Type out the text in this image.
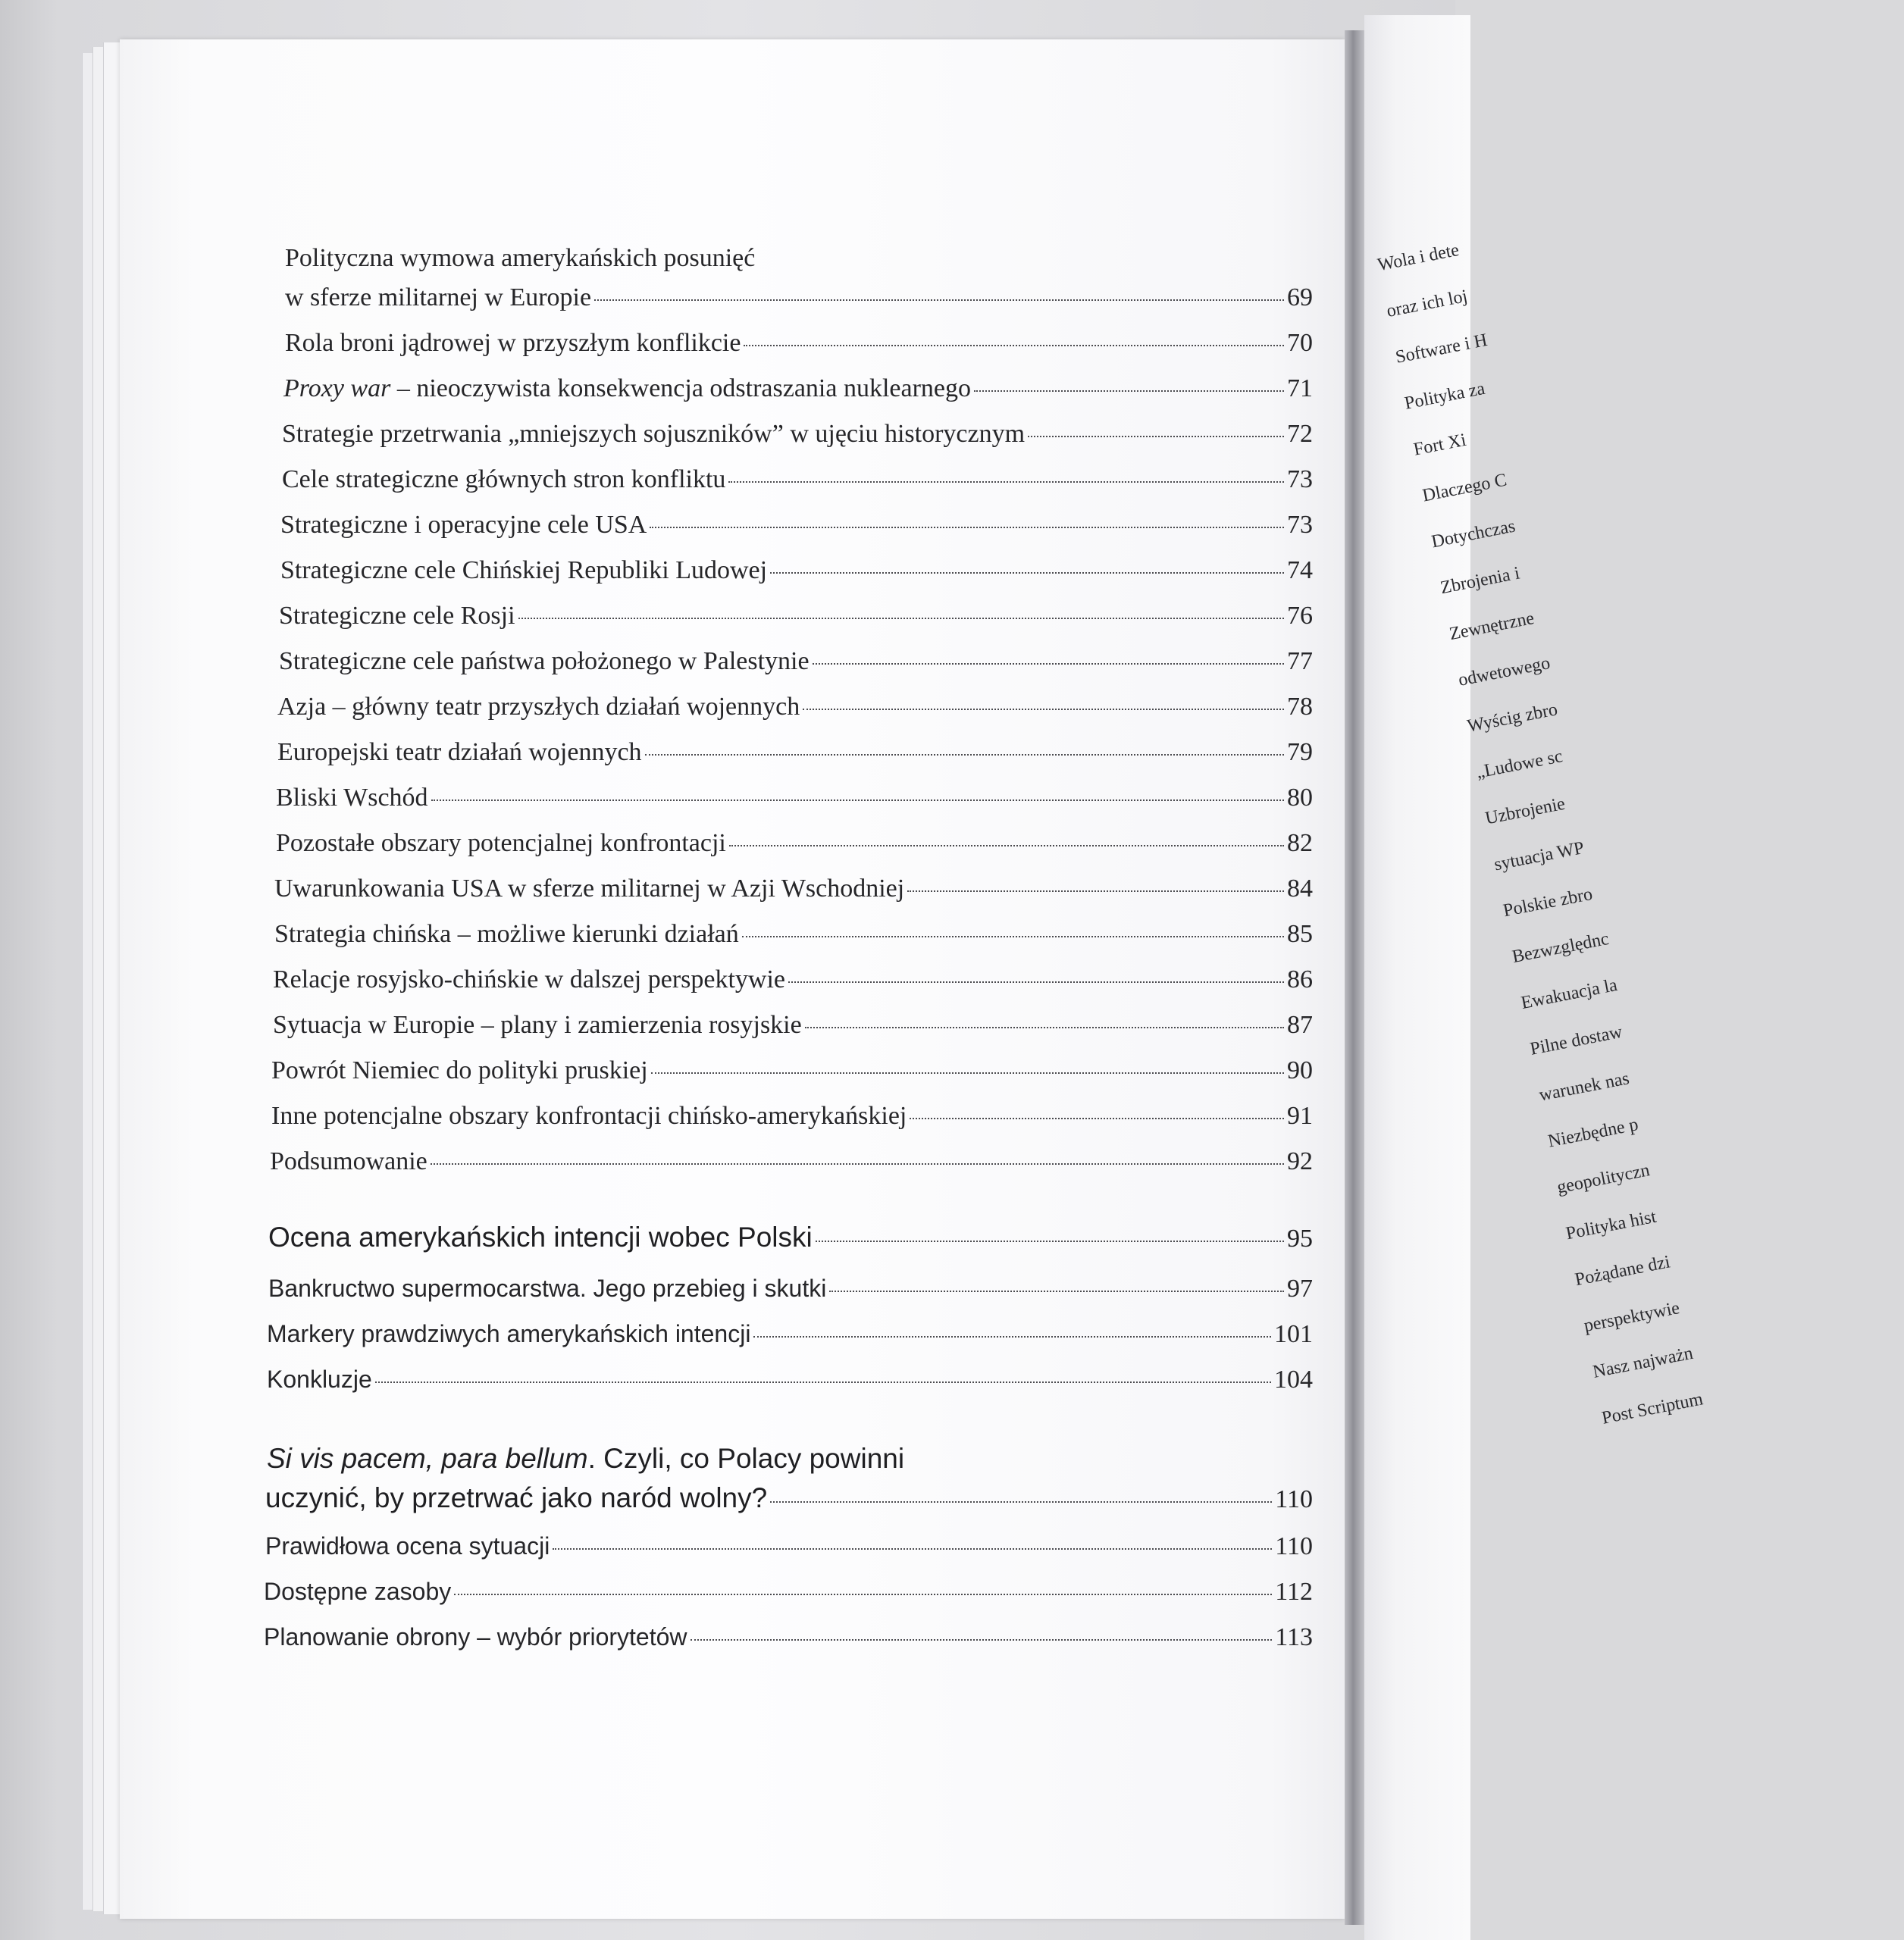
Polityczna wymowa amerykańskich posunięć
w sferze militarnej w Europie	69
Rola broni jądrowej w przyszłym konflikcie	70
Proxy war – nieoczywista konsekwencja odstraszania nuklearnego	71
Strategie przetrwania „mniejszych sojuszników” w ujęciu historycznym	72
Cele strategiczne głównych stron konfliktu	73
Strategiczne i operacyjne cele USA	73
Strategiczne cele Chińskiej Republiki Ludowej	74
Strategiczne cele Rosji	76
Strategiczne cele państwa położonego w Palestynie	77
Azja – główny teatr przyszłych działań wojennych	78
Europejski teatr działań wojennych	79
Bliski Wschód	80
Pozostałe obszary potencjalnej konfrontacji	82
Uwarunkowania USA w sferze militarnej w Azji Wschodniej	84
Strategia chińska – możliwe kierunki działań	85
Relacje rosyjsko-chińskie w dalszej perspektywie	86
Sytuacja w Europie – plany i zamierzenia rosyjskie	87
Powrót Niemiec do polityki pruskiej	90
Inne potencjalne obszary konfrontacji chińsko-amerykańskiej	91
Podsumowanie	92
Ocena amerykańskich intencji wobec Polski	95
Bankructwo supermocarstwa. Jego przebieg i skutki	97
Markery prawdziwych amerykańskich intencji	101
Konkluzje	104
Si vis pacem, para bellum. Czyli, co Polacy powinni
uczynić, by przetrwać jako naród wolny?	110
Prawidłowa ocena sytuacji	110
Dostępne zasoby	112
Planowanie obrony – wybór priorytetów	113
Wola i dete
oraz ich loj
Software i H
Polityka za
Fort Xi
Dlaczego C
Dotychczas
Zbrojenia i
Zewnętrzne
odwetowego
Wyścig zbro
„Ludowe sc
Uzbrojenie
sytuacja WP
Polskie zbro
Bezwzględnc
Ewakuacja la
Pilne dostaw
warunek nas
Niezbędne p
geopolityczn
Polityka hist
Pożądane dzi
perspektywie
Nasz najważn
Post Scriptum
